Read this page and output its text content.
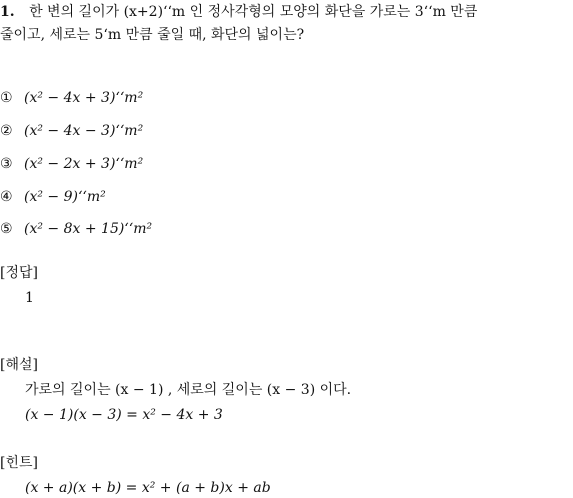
1. 한 변의 길이가 (x+2)‘‘m 인 정사각형의 모양의 화단을 가로는 3‘‘m 만큼
줄이고, 세로는 5‘m 만큼 줄일 때, 화단의 넓이는?
① (x² − 4x + 3)‘‘m²
② (x² − 4x − 3)‘‘m²
③ (x² − 2x + 3)‘‘m²
④ (x² − 9)‘‘m²
⑤ (x² − 8x + 15)‘‘m²
[정답]
1
[해설]
가로의 길이는 (x − 1) , 세로의 길이는 (x − 3) 이다.
(x − 1)(x − 3) = x² − 4x + 3
[힌트]
(x + a)(x + b) = x² + (a + b)x + ab
